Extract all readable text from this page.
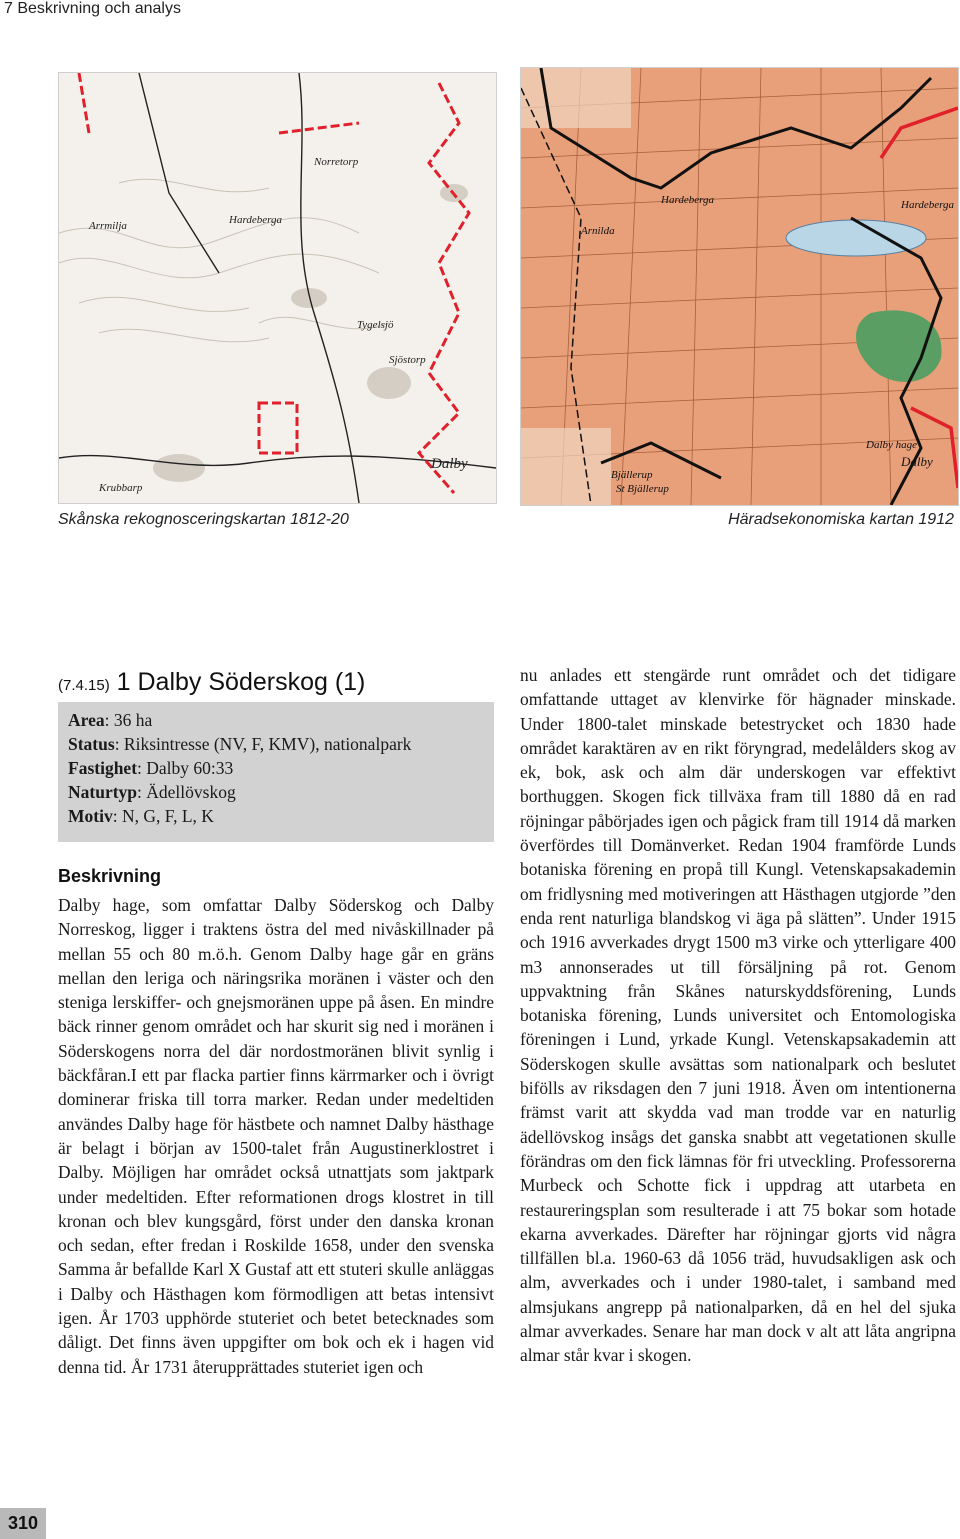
7 Beskrivning och analys
Norretorp
Hardeberga
Tygelsjö
Sjöstorp
Dalby
Arrmilja
Krubbarp
Hardeberga
Arnilda
Bjällerup
St Bjällerup
Dalby hage
Dalby
Hardeberga
Skånska rekognosceringskartan 1812-20	Häradsekonomiska kartan 1912
(7.4.15) 1 Dalby Söderskog (1)
Area: 36 ha
Status: Riksintresse (NV, F, KMV), nationalpark
Fastighet: Dalby 60:33
Naturtyp: Ädellövskog
Motiv: N, G, F, L, K
Beskrivning

Dalby hage, som omfattar Dalby Söderskog och Dalby Norreskog, ligger i traktens östra del med nivåskillnader på mellan 55 och 80 m.ö.h. Genom Dalby hage går en gräns mellan den leriga och näringsrika moränen i väster och den steniga lerskiffer- och gnejsmoränen uppe på åsen. En mindre bäck rinner genom området och har skurit sig ned i moränen i Söderskogens norra del där nordostmoränen blivit synlig i bäckfåran.I ett par flacka partier finns kärrmarker och i övrigt dominerar friska till torra marker. Redan under medeltiden användes Dalby hage för hästbete och namnet Dalby hästhage är belagt i början av 1500-talet från Augustinerklostret i Dalby. Möjligen har området också utnattjats som jaktpark under medeltiden. Efter reformationen drogs klostret in till kronan och blev kungsgård, först under den danska kronan och sedan, efter fredan i Roskilde 1658, under den svenska Samma år befallde Karl X Gustaf att ett stuteri skulle anläggas i Dalby och Hästhagen kom förmodligen att betas intensivt igen. År 1703 upphörde stuteriet och betet betecknades som dåligt. Det finns även uppgifter om bok och ek i hagen vid denna tid. År 1731 återupprättades stuteriet igen och

nu anlades ett stengärde runt området och det tidigare omfattande uttaget av klenvirke för hägnader minskade. Under 1800-talet minskade betestrycket och 1830 hade området karaktären av en rikt föryngrad, medelålders skog av ek, bok, ask och alm där underskogen var effektivt borthuggen. Skogen fick tillväxa fram till 1880 då en rad röjningar påbörjades igen och pågick fram till 1914 då marken överfördes till Domänverket. Redan 1904 framförde Lunds botaniska förening en propå till Kungl. Vetenskapsakademin om fridlysning med motiveringen att Hästhagen utgjorde ”den enda rent naturliga blandskog vi äga på slätten”. Under 1915 och 1916 avverkades drygt 1500 m3 virke och ytterligare 400 m3 annonserades ut till försäljning på rot. Genom uppvaktning från Skånes naturskyddsförening, Lunds botaniska förening, Lunds universitet och Entomologiska föreningen i Lund, yrkade Kungl. Vetenskapsakademin att Söderskogen skulle avsättas som nationalpark och beslutet bifölls av riksdagen den 7 juni 1918. Även om intentionerna främst varit att skydda vad man trodde var en naturlig ädellövskog insågs det ganska snabbt att vegetationen skulle förändras om den fick lämnas för fri utveckling. Professorerna Murbeck och Schotte fick i uppdrag att utarbeta en restaureringsplan som resulterade i att 75 bokar som hotade ekarna avverkades. Därefter har röjningar gjorts vid några tillfällen bl.a. 1960-63 då 1056 träd, huvudsakligen ask och alm, avverkades och i under 1980-talet, i samband med almsjukans angrepp på nationalparken, då en hel del sjuka almar avverkades. Senare har man dock v alt att låta angripna almar står kvar i skogen.

310
